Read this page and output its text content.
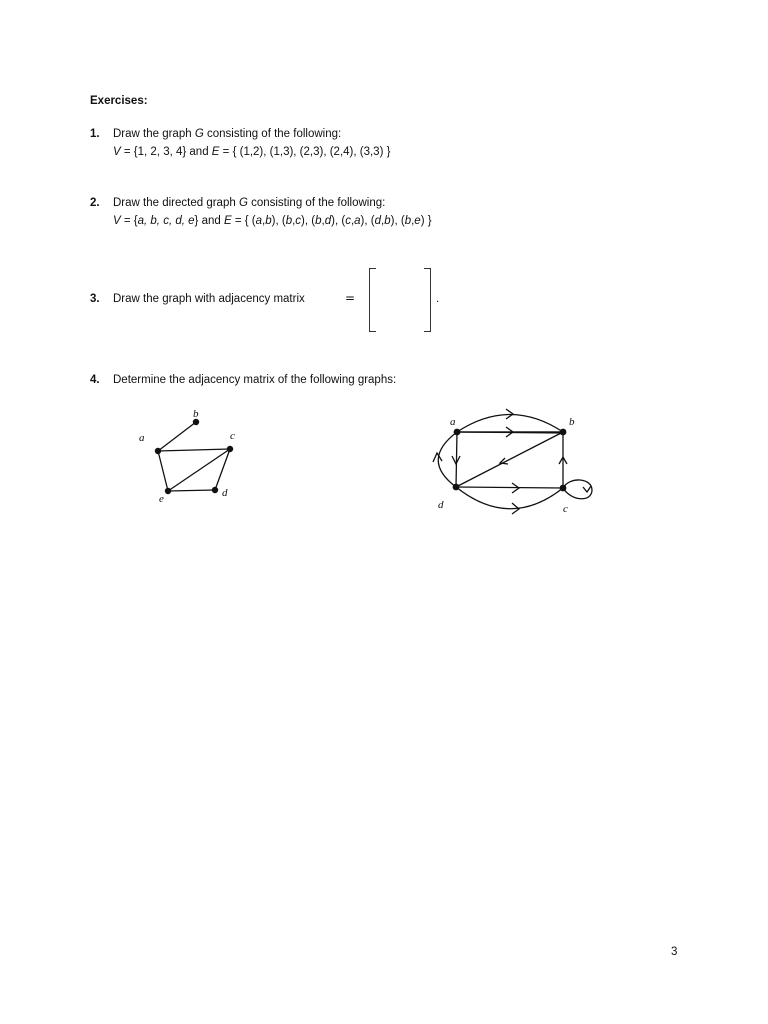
Exercises:
1. Draw the graph G consisting of the following:
V = {1, 2, 3, 4} and E = { (1,2), (1,3), (2,3), (2,4), (3,3) }
2. Draw the directed graph G consisting of the following:
V = {a, b, c, d, e} and E = { (a,b), (b,c), (b,d), (c,a), (d,b), (b,e) }
3. Draw the graph with adjacency matrix	=	.
4. Determine the adjacency matrix of the following graphs:
a
b
c
d
e
a	b
c
d
3
